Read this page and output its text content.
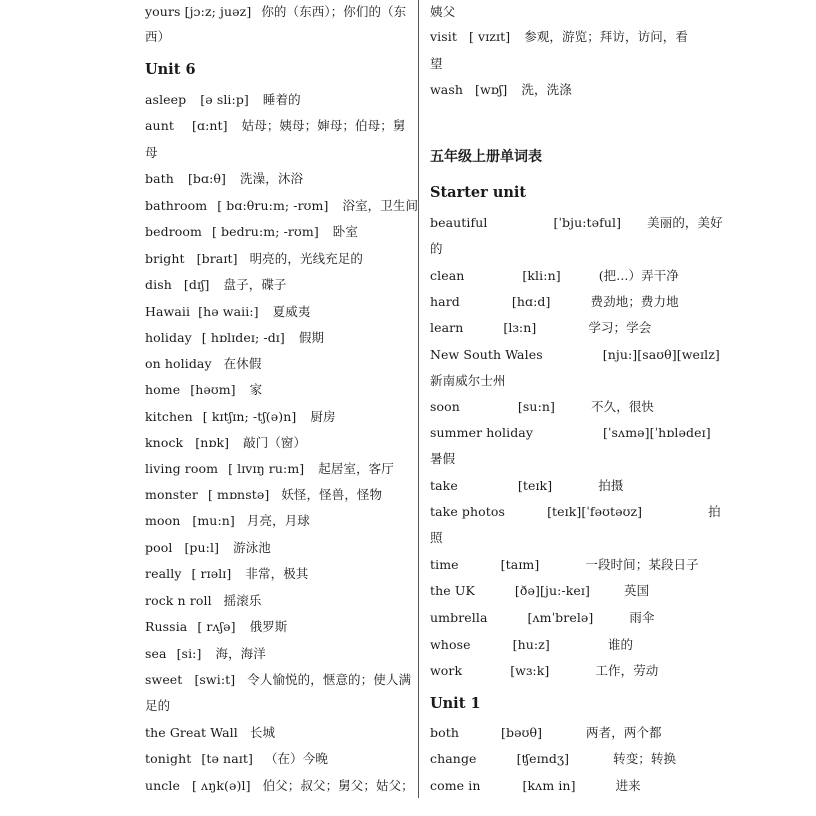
yours [jɔ:z; juəz] 你的（东西）；你们的（东
西）
Unit 6
asleep [ə sli:p] 睡着的
aunt [ɑ:nt] 姑母；姨母；婶母；伯母；舅
母
bath [bɑ:θ] 洗澡，沐浴
bathroom [ bɑ:θru:m; -rʊm] 浴室，卫生间
bedroom [ bedru:m; -rʊm] 卧室
bright [braɪt] 明亮的，光线充足的
dish [dɪʃ] 盘子，碟子
Hawaii [hə waii:] 夏威夷
holiday [ hɒlɪdeɪ; -dɪ] 假期
on holiday 在休假
home [həʊm] 家
kitchen [ kɪtʃɪn; -tʃ(ə)n] 厨房
knock [nɒk] 敲门（窗）
living room [ lɪvɪŋ ru:m] 起居室，客厅
monster [ mɒnstə] 妖怪，怪兽，怪物
moon [mu:n] 月亮，月球
pool [pu:l] 游泳池
really [ rɪəlɪ] 非常，极其
rock n roll 摇滚乐
Russia [ rʌʃə] 俄罗斯
sea [si:] 海，海洋
sweet [swi:t] 令人愉悦的，惬意的；使人满
足的
the Great Wall 长城
tonight [tə naɪt] （在）今晚
uncle [ ʌŋk(ə)l] 伯父；叔父；舅父；姑父；
姨父
visit [ vɪzɪt] 参观，游览；拜访，访问，看
望
wash [wɒʃ] 洗，洗涤
五年级上册单词表
Starter unit
beautiful	[ˈbju:təful] 美丽的，美好
的
clean	[kli:n]	(把...）弄干净
hard	[hɑ:d]	费劲地；费力地
learn	[lɜ:n]	学习；学会
New South Wales	[nju:][saʊθ][weɪlz]
新南威尔士州
soon	[su:n]	不久，很快
summer holiday	[ˈsʌmə][ˈhɒlədeɪ]
暑假
take	[teɪk]	拍摄
take photos	[teɪk][ˈfəʊtəʊz]	拍
照
time	[taɪm]	一段时间；某段日子
the UK	[ðə][ju:-keɪ]	英国
umbrella	[ʌmˈbrelə]	雨伞
whose	[hu:z]	谁的
work	[wɜ:k]	工作，劳动
Unit 1
both	[bəʊθ]	两者，两个都
change	[ʧeɪndʒ]	转变；转换
come in	[kʌm in]	进来
